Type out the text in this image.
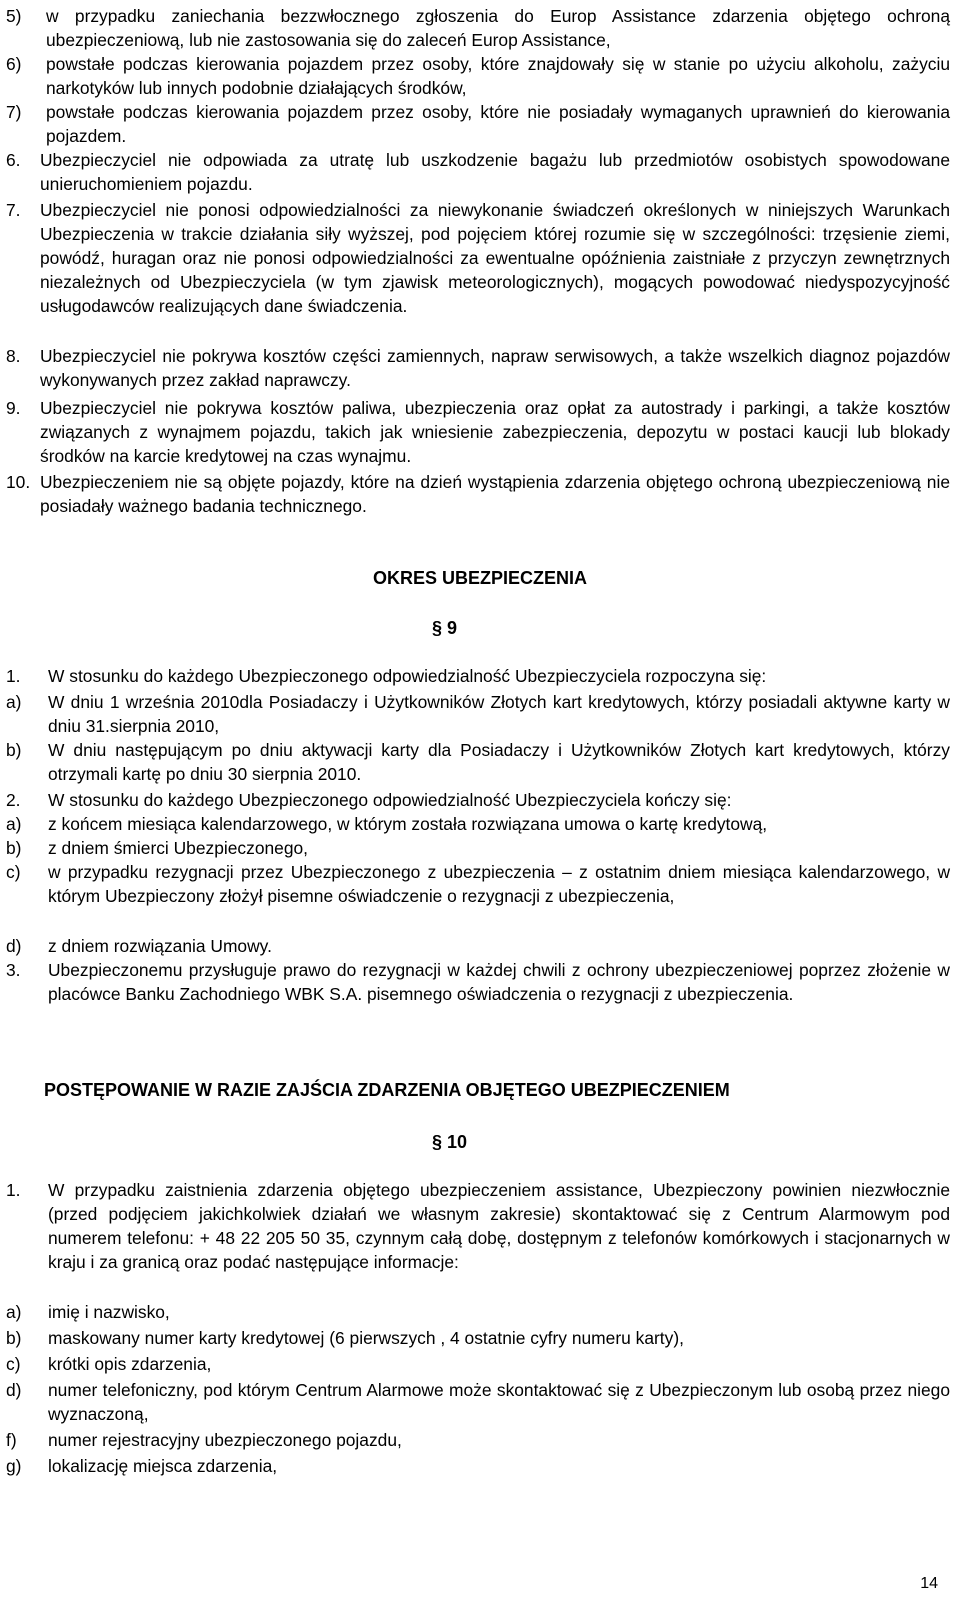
5)	w przypadku zaniechania bezzwłocznego zgłoszenia do Europ Assistance zdarzenia objętego ochroną ubezpieczeniową, lub nie zastosowania się do zaleceń Europ Assistance,
6)	powstałe podczas kierowania pojazdem przez osoby, które znajdowały się w stanie po użyciu alkoholu, zażyciu narkotyków lub innych podobnie działających środków,
7)	powstałe podczas kierowania pojazdem przez osoby, które nie posiadały wymaganych uprawnień do kierowania pojazdem.
6.	Ubezpieczyciel nie odpowiada za utratę lub uszkodzenie bagażu lub przedmiotów osobistych spowodowane unieruchomieniem pojazdu.
7.	Ubezpieczyciel nie ponosi odpowiedzialności za niewykonanie świadczeń określonych w niniejszych Warunkach Ubezpieczenia w trakcie działania siły wyższej, pod pojęciem której rozumie się w szczególności: trzęsienie ziemi, powódź, huragan oraz nie ponosi odpowiedzialności za ewentualne opóźnienia zaistniałe z przyczyn zewnętrznych niezależnych od Ubezpieczyciela (w tym zjawisk meteorologicznych), mogących powodować niedyspozycyjność usługodawców realizujących dane świadczenia.
8.	Ubezpieczyciel nie pokrywa kosztów części zamiennych, napraw serwisowych, a także wszelkich diagnoz pojazdów wykonywanych przez zakład naprawczy.
9.	Ubezpieczyciel nie pokrywa kosztów paliwa, ubezpieczenia oraz opłat za autostrady i parkingi, a także kosztów związanych z wynajmem pojazdu, takich jak wniesienie zabezpieczenia, depozytu w postaci kaucji lub blokady środków na karcie kredytowej na czas wynajmu.
10. Ubezpieczeniem nie są objęte pojazdy, które na dzień wystąpienia zdarzenia objętego ochroną ubezpieczeniową nie posiadały ważnego badania technicznego.
OKRES UBEZPIECZENIA
§ 9
1.	W stosunku do każdego Ubezpieczonego odpowiedzialność Ubezpieczyciela rozpoczyna się:
a)	W dniu 1 września 2010dla Posiadaczy i Użytkowników Złotych kart kredytowych, którzy posiadali aktywne karty w dniu 31.sierpnia 2010,
b)	W dniu następującym po dniu aktywacji karty dla Posiadaczy i Użytkowników Złotych kart kredytowych, którzy otrzymali kartę po dniu 30 sierpnia 2010.
2.	W stosunku do każdego Ubezpieczonego odpowiedzialność Ubezpieczyciela kończy się:
a)	z końcem miesiąca kalendarzowego, w którym została rozwiązana umowa o kartę kredytową,
b)	z dniem śmierci Ubezpieczonego,
c)	w przypadku rezygnacji przez Ubezpieczonego z ubezpieczenia – z ostatnim dniem miesiąca kalendarzowego, w którym Ubezpieczony złożył pisemne oświadczenie o rezygnacji z ubezpieczenia,
d)	z dniem rozwiązania Umowy.
3.	Ubezpieczonemu przysługuje prawo do rezygnacji w każdej chwili z ochrony ubezpieczeniowej poprzez złożenie w placówce Banku Zachodniego WBK S.A. pisemnego oświadczenia o rezygnacji z ubezpieczenia.
POSTĘPOWANIE W RAZIE ZAJŚCIA ZDARZENIA OBJĘTEGO UBEZPIECZENIEM
§ 10
1.	W przypadku zaistnienia zdarzenia objętego ubezpieczeniem assistance, Ubezpieczony powinien niezwłocznie (przed podjęciem jakichkolwiek działań we własnym zakresie) skontaktować się z Centrum Alarmowym pod numerem telefonu: + 48 22 205 50 35, czynnym całą dobę, dostępnym z telefonów komórkowych i stacjonarnych w kraju i za granicą oraz podać następujące informacje:
a)	imię i nazwisko,
b)	maskowany numer karty kredytowej (6 pierwszych , 4 ostatnie cyfry numeru karty),
c)	krótki opis zdarzenia,
d)	numer telefoniczny, pod którym Centrum Alarmowe może skontaktować się z Ubezpieczonym lub osobą przez niego wyznaczoną,
f)	numer rejestracyjny ubezpieczonego pojazdu,
g)	lokalizację miejsca zdarzenia,
14
